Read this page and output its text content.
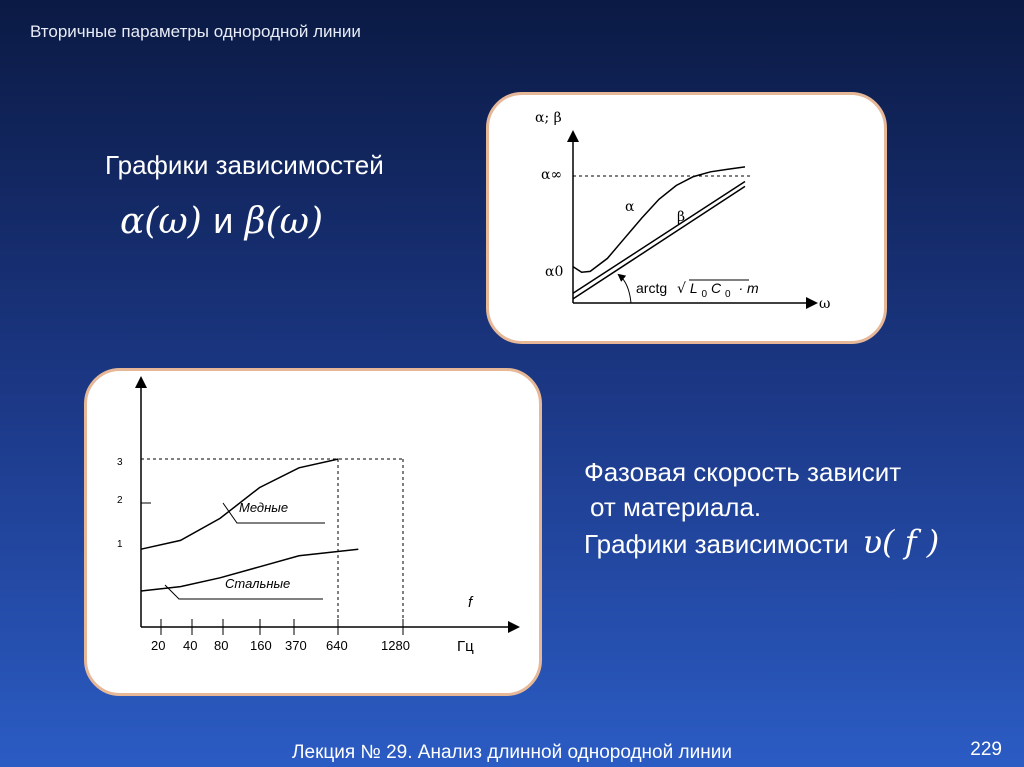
Вторичные параметры однородной линии
Графики зависимостей
α(ω) и β(ω)
α; β
ω
α∞
α0
α
β
arctg √ L $_0$ C $_0$ · m
3
2
1
20 40 80 160 370 640	1280
f
Гц
Медные
Стальные
Фазовая скорость зависит
от материала.
Графики зависимости υ( f )
Лекция № 29. Анализ длинной однородной линии	229
